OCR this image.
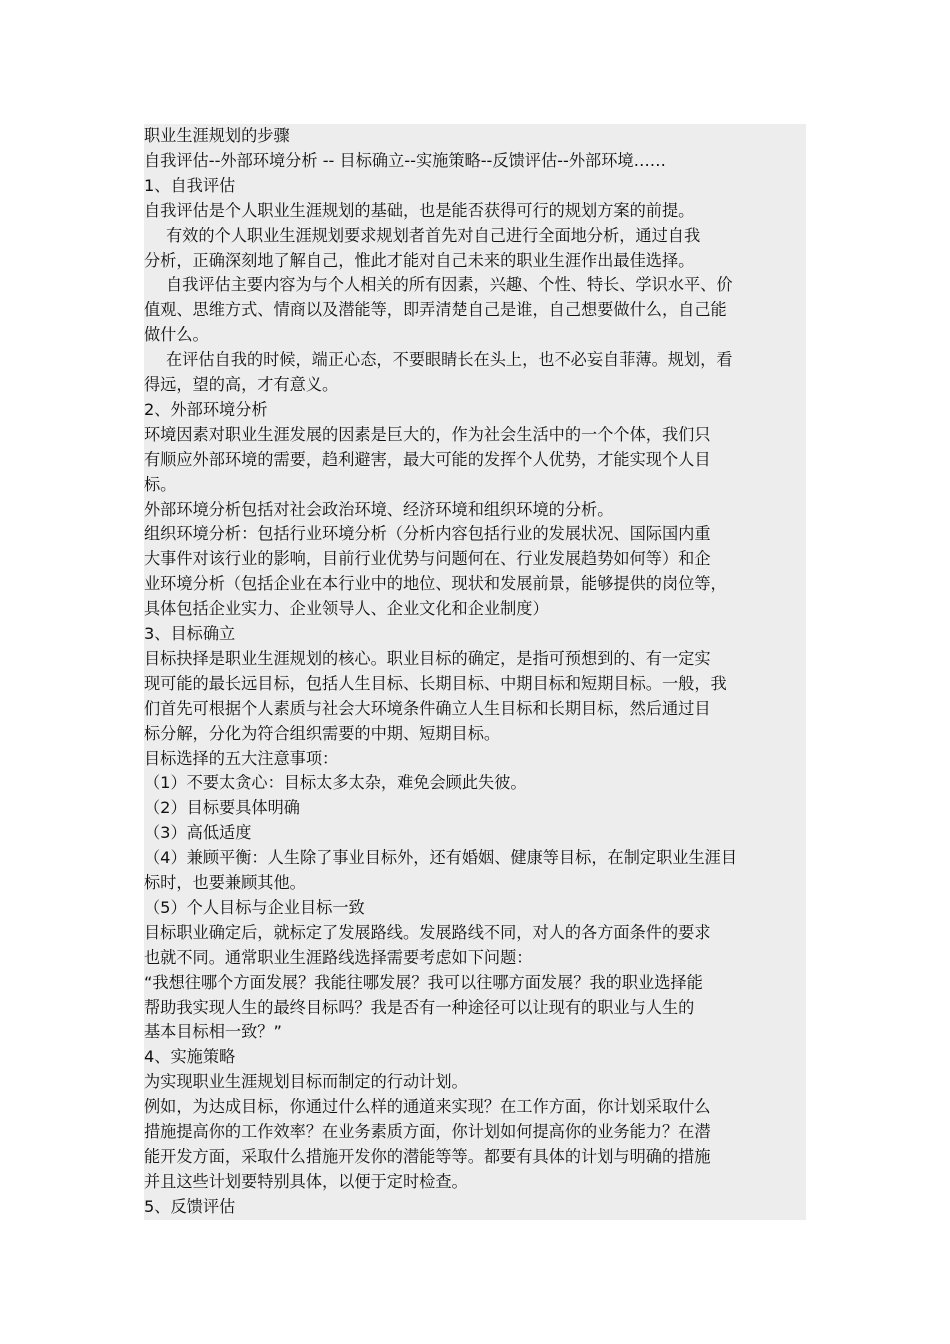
职业生涯规划的步骤
自我评估--外部环境分析 -- 目标确立--实施策略--反馈评估--外部环境……
1、自我评估
自我评估是个人职业生涯规划的基础，也是能否获得可行的规划方案的前提。
有效的个人职业生涯规划要求规划者首先对自己进行全面地分析，通过自我
分析，正确深刻地了解自己，惟此才能对自己未来的职业生涯作出最佳选择。
自我评估主要内容为与个人相关的所有因素，兴趣、个性、特长、学识水平、价
值观、思维方式、情商以及潜能等，即弄清楚自己是谁，自己想要做什么，自己能
做什么。
在评估自我的时候，端正心态，不要眼睛长在头上，也不必妄自菲薄。规划，看
得远，望的高，才有意义。
2、外部环境分析
环境因素对职业生涯发展的因素是巨大的，作为社会生活中的一个个体，我们只
有顺应外部环境的需要，趋利避害，最大可能的发挥个人优势，才能实现个人目
标。
外部环境分析包括对社会政治环境、经济环境和组织环境的分析。
组织环境分析：包括行业环境分析（分析内容包括行业的发展状况、国际国内重
大事件对该行业的影响，目前行业优势与问题何在、行业发展趋势如何等）和企
业环境分析（包括企业在本行业中的地位、现状和发展前景，能够提供的岗位等，
具体包括企业实力、企业领导人、企业文化和企业制度）
3、目标确立
目标抉择是职业生涯规划的核心。职业目标的确定，是指可预想到的、有一定实
现可能的最长远目标，包括人生目标、长期目标、中期目标和短期目标。一般，我
们首先可根据个人素质与社会大环境条件确立人生目标和长期目标，然后通过目
标分解，分化为符合组织需要的中期、短期目标。
目标选择的五大注意事项：
（1）不要太贪心：目标太多太杂，难免会顾此失彼。
（2）目标要具体明确
（3）高低适度
（4）兼顾平衡：人生除了事业目标外，还有婚姻、健康等目标，在制定职业生涯目
标时，也要兼顾其他。
（5）个人目标与企业目标一致
目标职业确定后，就标定了发展路线。发展路线不同，对人的各方面条件的要求
也就不同。通常职业生涯路线选择需要考虑如下问题：
“我想往哪个方面发展？我能往哪发展？我可以往哪方面发展？我的职业选择能
帮助我实现人生的最终目标吗？我是否有一种途径可以让现有的职业与人生的
基本目标相一致？”
4、实施策略
为实现职业生涯规划目标而制定的行动计划。
例如，为达成目标，你通过什么样的通道来实现？在工作方面，你计划采取什么
措施提高你的工作效率？在业务素质方面，你计划如何提高你的业务能力？在潜
能开发方面，采取什么措施开发你的潜能等等。都要有具体的计划与明确的措施
并且这些计划要特别具体，以便于定时检查。
5、反馈评估
